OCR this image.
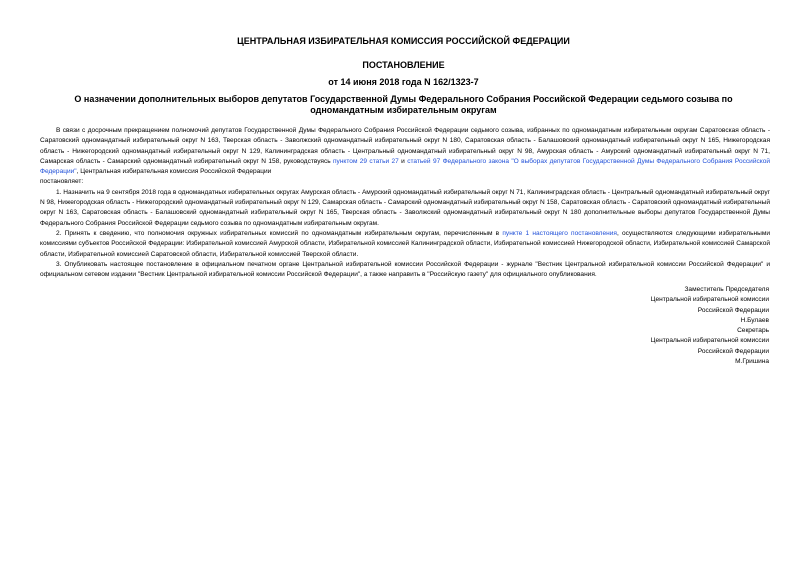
ЦЕНТРАЛЬНАЯ ИЗБИРАТЕЛЬНАЯ КОМИССИЯ РОССИЙСКОЙ ФЕДЕРАЦИИ
ПОСТАНОВЛЕНИЕ
от 14 июня 2018 года N 162/1323-7
О назначении дополнительных выборов депутатов Государственной Думы Федерального Собрания Российской Федерации седьмого созыва по одномандатным избирательным округам

В связи с досрочным прекращением полномочий депутатов Государственной Думы Федерального Собрания Российской Федерации седьмого созыва, избранных по одномандатным избирательным округам Саратовская область - Саратовский одномандатный избирательный округ N 163, Тверская область - Заволжский одномандатный избирательный округ N 180, Саратовская область - Балашовский одномандатный избирательный округ N 165, Нижегородская область - Нижегородский одномандатный избирательный округ N 129, Калининградская область - Центральный одномандатный избирательный округ N 98, Амурская область - Амурский одномандатный избирательный округ N 71, Самарская область - Самарский одномандатный избирательный округ N 158, руководствуясь пунктом 29 статьи 27 и статьей 97 Федерального закона "О выборах депутатов Государственной Думы Федерального Собрания Российской Федерации", Центральная избирательная комиссия Российской Федерации

постановляет:

1. Назначить на 9 сентября 2018 года в одномандатных избирательных округах Амурская область - Амурский одномандатный избирательный округ N 71, Калининградская область - Центральный одномандатный избирательный округ N 98, Нижегородская область - Нижегородский одномандатный избирательный округ N 129, Самарская область - Самарский одномандатный избирательный округ N 158, Саратовская область - Саратовский одномандатный избирательный округ N 163, Саратовская область - Балашовский одномандатный избирательный округ N 165, Тверская область - Заволжский одномандатный избирательный округ N 180 дополнительные выборы депутатов Государственной Думы Федерального Собрания Российской Федерации седьмого созыва по одномандатным избирательным округам.

2. Принять к сведению, что полномочия окружных избирательных комиссий по одномандатным избирательным округам, перечисленным в пункте 1 настоящего постановления, осуществляются следующими избирательными комиссиями субъектов Российской Федерации: Избирательной комиссией Амурской области, Избирательной комиссией Калининградской области, Избирательной комиссией Нижегородской области, Избирательной комиссией Самарской области, Избирательной комиссией Саратовской области, Избирательной комиссией Тверской области.

3. Опубликовать настоящее постановление в официальном печатном органе Центральной избирательной комиссии Российской Федерации - журнале "Вестник Центральной избирательной комиссии Российской Федерации" и официальном сетевом издании "Вестник Центральной избирательной комиссии Российской Федерации", а также направить в "Российскую газету" для официального опубликования.

Заместитель Председателя
Центральной избирательной комиссии
Российской Федерации
Н.Булаев
Секретарь
Центральной избирательной комиссии
Российской Федерации
М.Гришина
